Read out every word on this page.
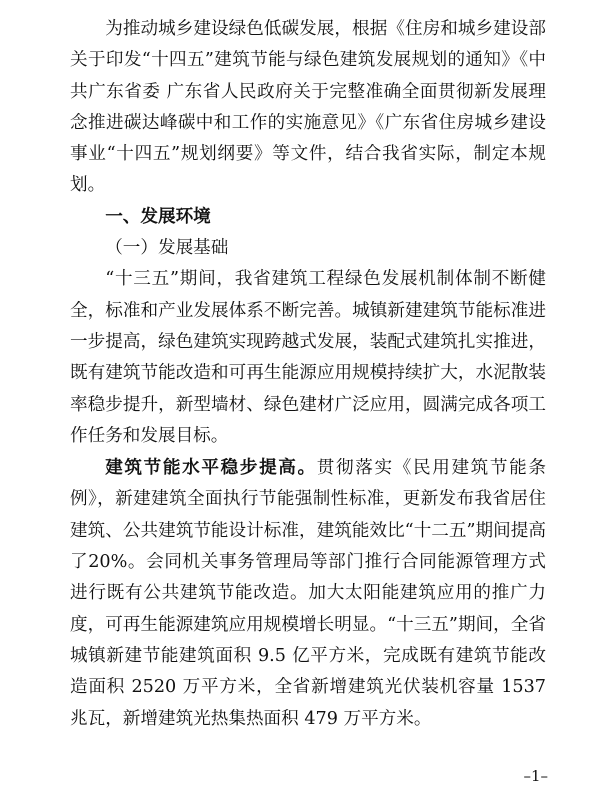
为推动城乡建设绿色低碳发展，根据《住房和城乡建设部关于印发“十四五”建筑节能与绿色建筑发展规划的通知》《中共广东省委 广东省人民政府关于完整准确全面贯彻新发展理念推进碳达峰碳中和工作的实施意见》《广东省住房城乡建设事业“十四五”规划纲要》等文件，结合我省实际，制定本规划。

一、发展环境

（一）发展基础

“十三五”期间，我省建筑工程绿色发展机制体制不断健全，标准和产业发展体系不断完善。城镇新建建筑节能标准进一步提高，绿色建筑实现跨越式发展，装配式建筑扎实推进，既有建筑节能改造和可再生能源应用规模持续扩大，水泥散装率稳步提升，新型墙材、绿色建材广泛应用，圆满完成各项工作任务和发展目标。

建筑节能水平稳步提高。贯彻落实《民用建筑节能条例》，新建建筑全面执行节能强制性标准，更新发布我省居住建筑、公共建筑节能设计标准，建筑能效比“十二五”期间提高了20%。会同机关事务管理局等部门推行合同能源管理方式进行既有公共建筑节能改造。加大太阳能建筑应用的推广力度，可再生能源建筑应用规模增长明显。“十三五”期间，全省城镇新建节能建筑面积 9.5 亿平方米，完成既有建筑节能改造面积 2520 万平方米，全省新增建筑光伏装机容量 1537 兆瓦，新增建筑光热集热面积 479 万平方米。

–1–
